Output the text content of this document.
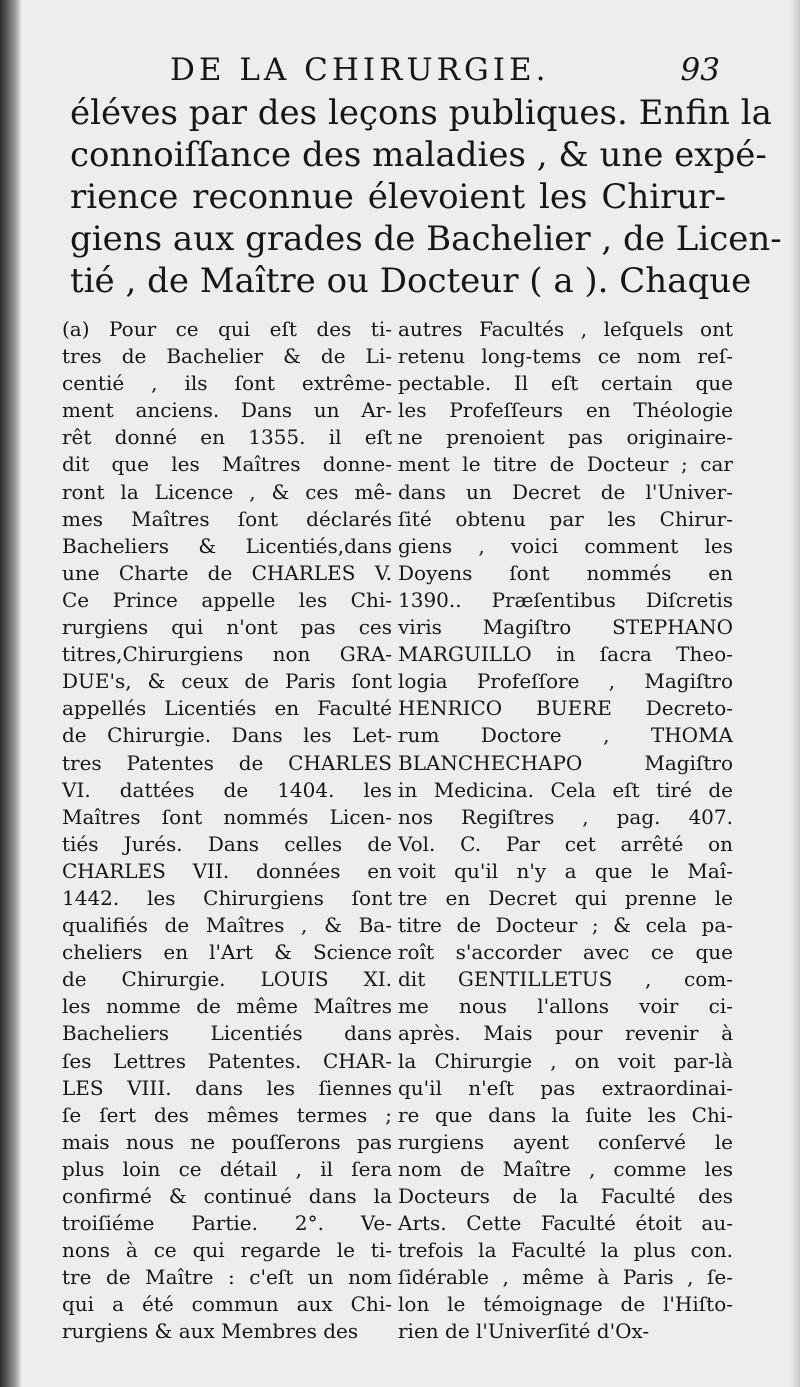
DE LA CHIRURGIE.	93
éléves par des leçons publiques. Enfin la
connoiſſance des maladies , & une expé-
rience reconnue élevoient les Chirur-
giens aux grades de Bachelier , de Licen-
tié , de Maître ou Docteur ( a ). Chaque
(a) Pour ce qui eſt des ti-
tres de Bachelier & de Li-
centié , ils ſont extrême-
ment anciens. Dans un Ar-
rêt donné en 1355. il eſt
dit que les Maîtres donne-
ront la Licence , & ces mê-
mes Maîtres ſont déclarés
Bacheliers & Licentiés,dans
une Charte de CHARLES V.
Ce Prince appelle les Chi-
rurgiens qui n'ont pas ces
titres,Chirurgiens non GRA-
DUE's, & ceux de Paris ſont
appellés Licentiés en Faculté
de Chirurgie. Dans les Let-
tres Patentes de CHARLES
VI. dattées de 1404. les
Maîtres ſont nommés Licen-
tiés Jurés. Dans celles de
CHARLES VII. données en
1442. les Chirurgiens ſont
qualifiés de Maîtres , & Ba-
cheliers en l'Art & Science
de Chirurgie. LOUIS XI.
les nomme de même Maîtres
Bacheliers Licentiés dans
ſes Lettres Patentes. CHAR-
LES VIII. dans les ſiennes
ſe ſert des mêmes termes ;
mais nous ne pouſſerons pas
plus loin ce détail , il ſera
confirmé & continué dans la
troiſiéme Partie. 2°. Ve-
nons à ce qui regarde le ti-
tre de Maître : c'eſt un nom
qui a été commun aux Chi-
rurgiens & aux Membres des
autres Facultés , leſquels ont
retenu long-tems ce nom reſ-
pectable. Il eſt certain que
les Profeſſeurs en Théologie
ne prenoient pas originaire-
ment le titre de Docteur ; car
dans un Decret de l'Univer-
ſité obtenu par les Chirur-
giens , voici comment les
Doyens ſont nommés en
1390.. Præſentibus Diſcretis
viris Magiſtro STEPHANO
MARGUILLO in ſacra Theo-
logia Profeſſore , Magiſtro
HENRICO BUERE Decreto-
rum Doctore , THOMA
BLANCHECHAPO Magiſtro
in Medicina. Cela eſt tiré de
nos Regiſtres , pag. 407.
Vol. C. Par cet arrêté on
voit qu'il n'y a que le Maî-
tre en Decret qui prenne le
titre de Docteur ; & cela pa-
roît s'accorder avec ce que
dit GENTILLETUS , com-
me nous l'allons voir ci-
après. Mais pour revenir à
la Chirurgie , on voit par-là
qu'il n'eſt pas extraordinai-
re que dans la ſuite les Chi-
rurgiens ayent conſervé le
nom de Maître , comme les
Docteurs de la Faculté des
Arts. Cette Faculté étoit au-
trefois la Faculté la plus con.
ſidérable , même à Paris , ſe-
lon le témoignage de l'Hiſto-
rien de l'Univerſité d'Ox-
